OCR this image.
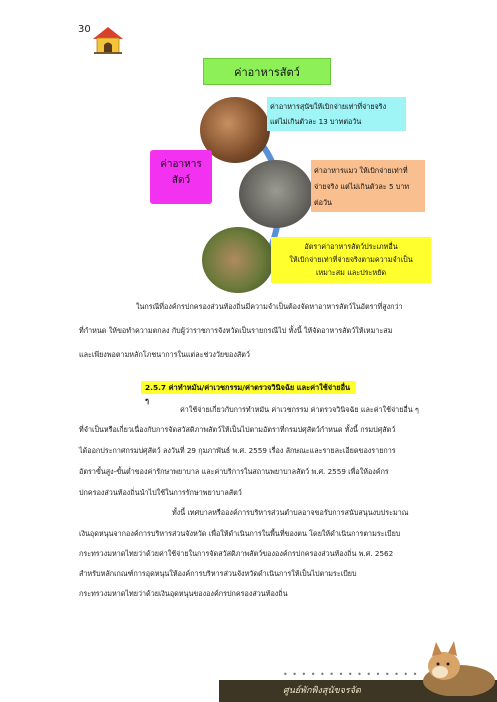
30
ค่าอาหารสัตว์
ค่าอาหาร
สัตว์
ค่าอาหารสุนัขให้เบิกจ่ายเท่าที่จ่ายจริง
แต่ไม่เกินตัวละ 13 บาทต่อวัน
ค่าอาหารแมว ให้เบิกจ่ายเท่าที่
จ่ายจริง แต่ไม่เกินตัวละ 5 บาท
ต่อวัน
อัตราค่าอาหารสัตว์ประเภทอื่น
ให้เบิกจ่ายเท่าที่จ่ายจริงตามความจำเป็น
เหมาะสม และประหยัด
ในกรณีที่องค์กรปกครองส่วนท้องถิ่นมีความจำเป็นต้องจัดหาอาหารสัตว์ในอัตราที่สูงกว่า
ที่กำหนด ให้ขอทำความตกลง กับผู้ว่าราชการจังหวัดเป็นรายกรณีไป ทั้งนี้ ให้จัดอาหารสัตว์ให้เหมาะสม
และเพียงพอตามหลักโภชนาการในแต่ละช่วงวัยของสัตว์
2.5.7 ค่าทำหมัน/ค่าเวชกรรม/ค่าตรวจวินิจฉัย และค่าใช้จ่ายอื่น ๆ
ค่าใช้จ่ายเกี่ยวกับการทำหมัน ค่าเวชกรรม ค่าตรวจวินิจฉัย และค่าใช้จ่ายอื่น ๆ
ที่จำเป็นหรือเกี่ยวเนื่องกับการจัดสวัสดิภาพสัตว์ให้เป็นไปตามอัตราที่กรมปศุสัตว์กำหนด ทั้งนี้ กรมปศุสัตว์
ได้ออกประกาศกรมปศุสัตว์ ลงวันที่ 29 กุมภาพันธ์ พ.ศ. 2559 เรื่อง ลักษณะและรายละเอียดของรายการ
อัตราขั้นสูง-ขั้นต่ำของค่ารักษาพยาบาล และค่าบริการในสถานพยาบาลสัตว์ พ.ศ. 2559 เพื่อให้องค์กร
ปกครองส่วนท้องถิ่นนำไปใช้ในการรักษาพยาบาลสัตว์
ทั้งนี้ เทศบาลหรือองค์การบริหารส่วนตำบลอาจขอรับการสนับสนุนงบประมาณ
เงินอุดหนุนจากองค์การบริหารส่วนจังหวัด เพื่อให้ดำเนินการในพื้นที่ของตน โดยให้ดำเนินการตามระเบียบ
กระทรวงมหาดไทยว่าด้วยค่าใช้จ่ายในการจัดสวัสดิภาพสัตว์ขององค์กรปกครองส่วนท้องถิ่น พ.ศ. 2562
สำหรับหลักเกณฑ์การอุดหนุนให้องค์การบริหารส่วนจังหวัดดำเนินการให้เป็นไปตามระเบียบ
กระทรวงมหาดไทยว่าด้วยเงินอุดหนุนขององค์กรปกครองส่วนท้องถิ่น
• • • • • • • • • • • • • • •
ศูนย์พักพิงสุนัขจรจัด
